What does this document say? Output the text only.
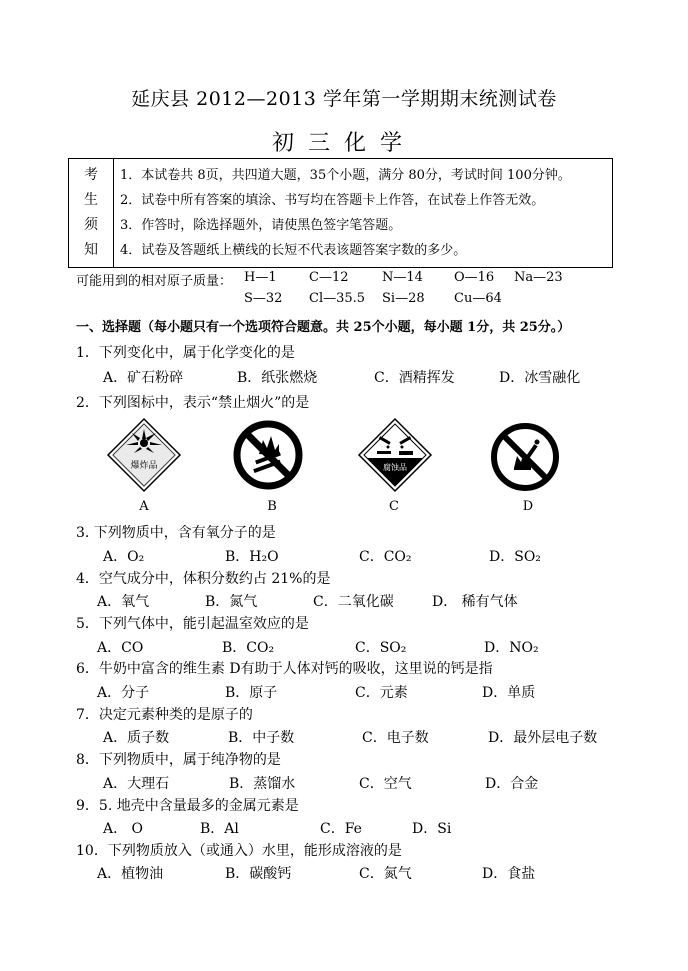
延庆县 2012—2013 学年第一学期期末统测试卷
初三化学
考
生
须
知

1．本试卷共 8页，共四道大题，35个小题，满分 80分，考试时间 100分钟。
2．试卷中所有答案的填涂、书写均在答题卡上作答，在试卷上作答无效。
3．作答时，除选择题外，请使黑色签字笔答题。
4．试卷及答题纸上横线的长短不代表该题答案字数的多少。
可能用到的相对原子质量： H—1 C—12	N—14 O—16 Na—23
S—32 Cl—35.5 Si—28 Cu—64
一、选择题（每小题只有一个选项符合题意。共 25个小题，每小题 1分，共 25分。）
1．下列变化中，属于化学变化的是
A．矿石粉碎	B．纸张燃烧	C．酒精挥发	D．冰雪融化
2．下列图标中，表示“禁止烟火”的是
爆炸品
A	B
腐蚀品
C	D
3. 下列物质中，含有氧分子的是
A．O₂	B．H₂O	C．CO₂	D．SO₂
4．空气成分中，体积分数约占 21%的是
A．氧气	B．氮气	C．二氧化碳	D． 稀有气体
5．下列气体中，能引起温室效应的是
A．CO	B．CO₂	C．SO₂	D．NO₂
6．牛奶中富含的维生素 D有助于人体对钙的吸收，这里说的钙是指
A．分子	B．原子	C．元素	D．单质
7．决定元素种类的是原子的
A．质子数	B．中子数	C．电子数	D．最外层电子数
8．下列物质中，属于纯净物的是
A．大理石	B．蒸馏水	C．空气	D．合金
9．5. 地壳中含量最多的金属元素是
A． O	B．Al	C．Fe	D．Si
10．下列物质放入（或通入）水里，能形成溶液的是
A．植物油	B．碳酸钙	C．氮气	D．食盐
